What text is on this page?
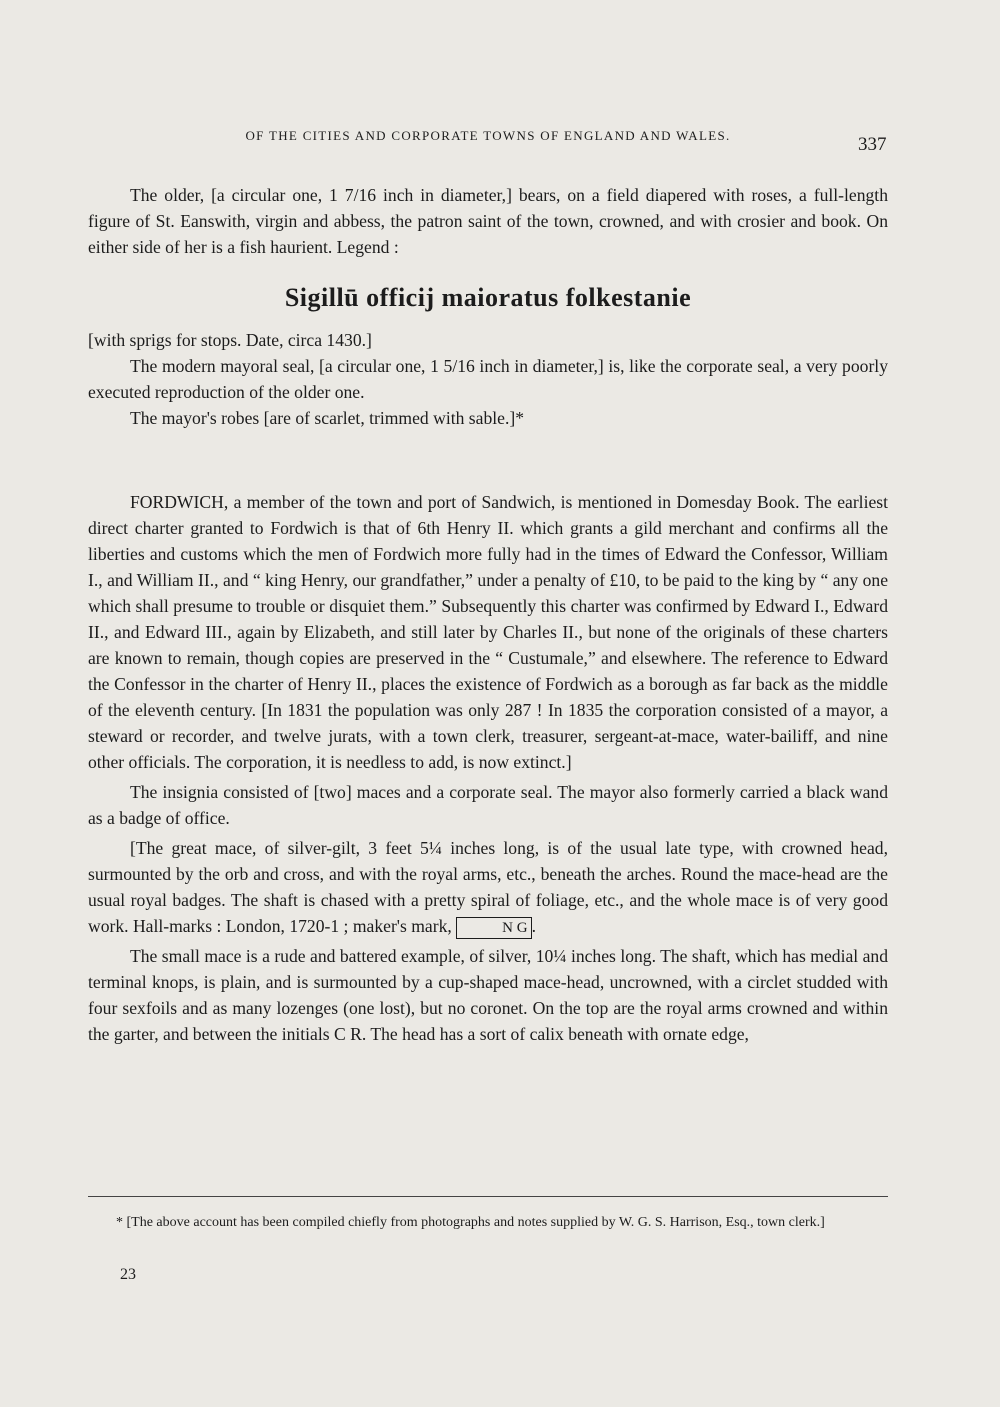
OF THE CITIES AND CORPORATE TOWNS OF ENGLAND AND WALES.	337

The older, [a circular one, 1 7/16 inch in diameter,] bears, on a field diapered with roses, a full-length figure of St. Eanswith, virgin and abbess, the patron saint of the town, crowned, and with crosier and book. On either side of her is a fish haurient. Legend :

Sigillū officij maioratus folkestanie

[with sprigs for stops. Date, circa 1430.]

The modern mayoral seal, [a circular one, 1 5/16 inch in diameter,] is, like the corporate seal, a very poorly executed reproduction of the older one.

The mayor's robes [are of scarlet, trimmed with sable.]*

FORDWICH, a member of the town and port of Sandwich, is mentioned in Domesday Book. The earliest direct charter granted to Fordwich is that of 6th Henry II. which grants a gild merchant and confirms all the liberties and customs which the men of Fordwich more fully had in the times of Edward the Confessor, William I., and William II., and “ king Henry, our grandfather,” under a penalty of £10, to be paid to the king by “ any one which shall presume to trouble or disquiet them.” Subsequently this charter was confirmed by Edward I., Edward II., and Edward III., again by Elizabeth, and still later by Charles II., but none of the originals of these charters are known to remain, though copies are preserved in the “ Custumale,” and elsewhere. The reference to Edward the Confessor in the charter of Henry II., places the existence of Fordwich as a borough as far back as the middle of the eleventh century. [In 1831 the population was only 287 ! In 1835 the corporation consisted of a mayor, a steward or recorder, and twelve jurats, with a town clerk, treasurer, sergeant-at-mace, water-bailiff, and nine other officials. The corporation, it is needless to add, is now extinct.]

The insignia consisted of [two] maces and a corporate seal. The mayor also formerly carried a black wand as a badge of office.

[The great mace, of silver-gilt, 3 feet 5¼ inches long, is of the usual late type, with crowned head, surmounted by the orb and cross, and with the royal arms, etc., beneath the arches. Round the mace-head are the usual royal badges. The shaft is chased with a pretty spiral of foliage, etc., and the whole mace is of very good work. Hall-marks : London, 1720-1 ; maker's mark,	N G .

The small mace is a rude and battered example, of silver, 10¼ inches long. The shaft, which has medial and terminal knops, is plain, and is surmounted by a cup-shaped mace-head, uncrowned, with a circlet studded with four sexfoils and as many lozenges (one lost), but no coronet. On the top are the royal arms crowned and within the garter, and between the initials C R. The head has a sort of calix beneath with ornate edge,

* [The above account has been compiled chiefly from photographs and notes supplied by W. G. S. Harrison, Esq., town clerk.]

23
